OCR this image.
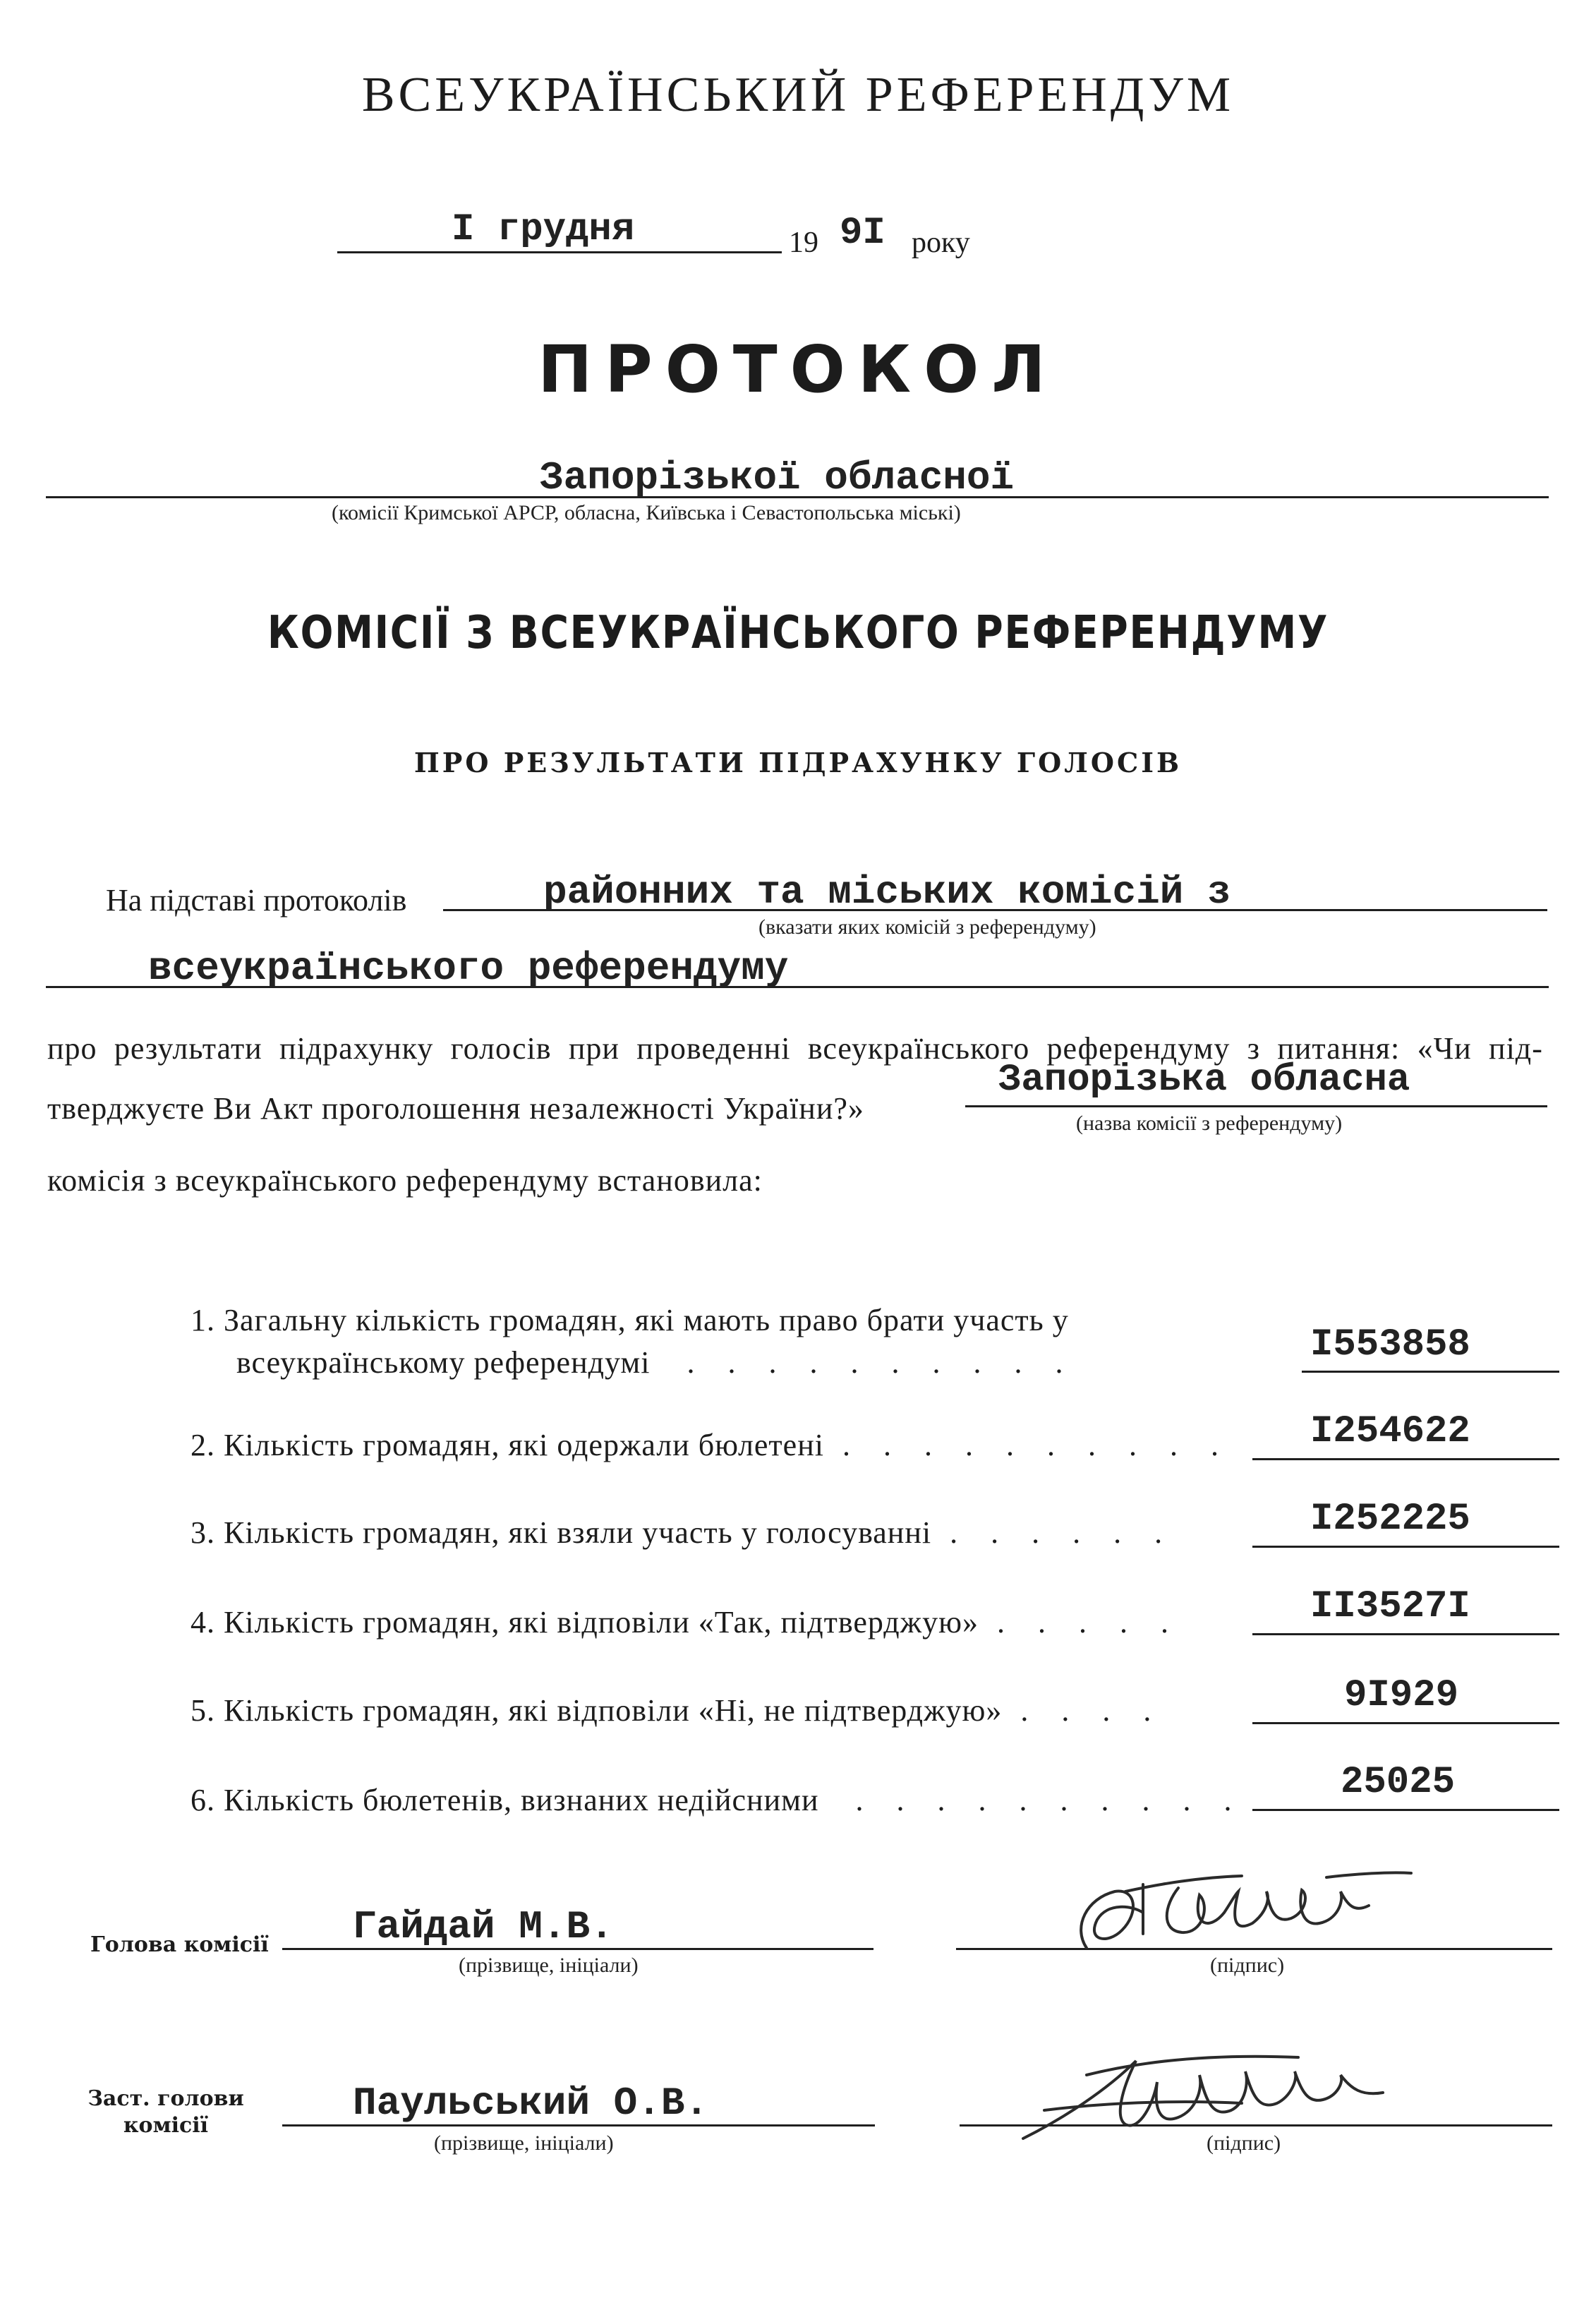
ВСЕУКРАЇНСЬКИЙ РЕФЕРЕНДУМ
I грудня	19 9I року
ПРОТОКОЛ
Запорізької обласної
(комісії Кримської АРСР, обласна, Київська і Севастопольська міські)
КОМІСІЇ З ВСЕУКРАЇНСЬКОГО РЕФЕРЕНДУМУ
ПРО РЕЗУЛЬТАТИ ПІДРАХУНКУ ГОЛОСІВ
На підставі протоколів	районних та міських комісій з
(вказати яких комісій з референдуму)
всеукраїнського референдуму
про результати підрахунку голосів при проведенні всеукраїнського референдуму з питання: «Чи під-
тверджуєте Ви Акт проголошення незалежності України?»
Запорізька обласна
(назва комісії з референдуму)
комісія з всеукраїнського референдуму встановила:
1. Загальну кількість громадян, які мають право брати участь у
всеукраїнському референдумі . . . . . . . . . .	I553858
2. Кількість громадян, які одержали бюлетені . . . . . . . . . . I254622
3. Кількість громадян, які взяли участь у голосуванні . . . . . .	I252225
4. Кількість громадян, які відповіли «Так, підтверджую» . . . . .	II3527I
5. Кількість громадян, які відповіли «Ні, не підтверджую» . . . .	9I929
6. Кількість бюлетенів, визнаних недійсними . . . . . . . . . .	25025
Голова комісії Гайдай М.В.
(прізвище, ініціали)	(підпис)
Заст. голови комісії	Паульський О.В.
(прізвище, ініціали)	(підпис)
